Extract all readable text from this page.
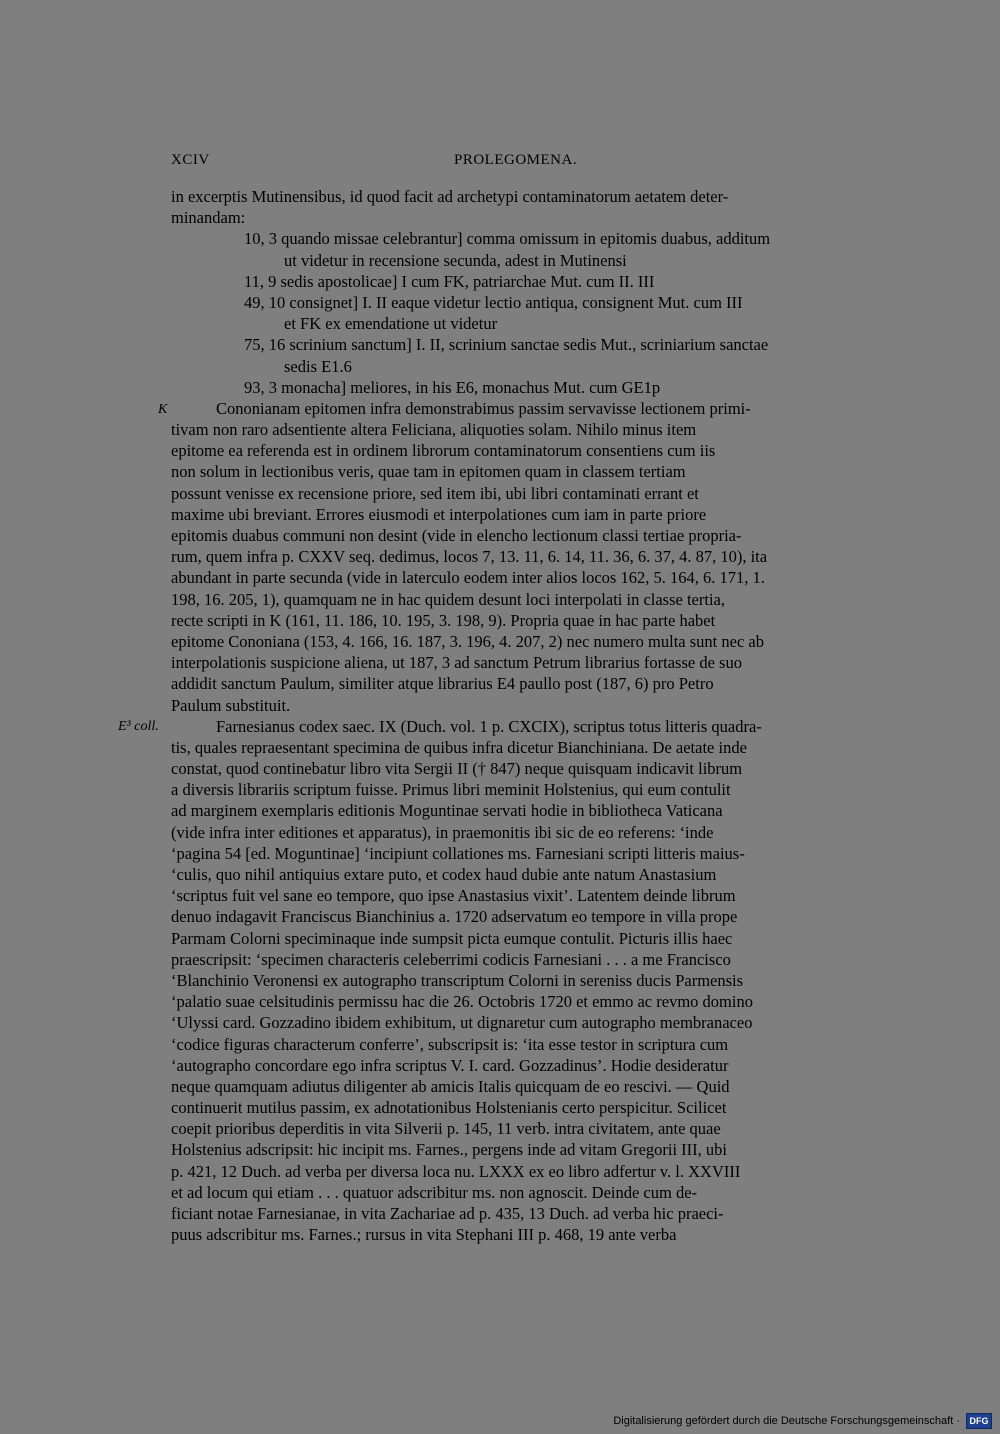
XCIV	PROLEGOMENA.
K
E³ coll.
in excerptis Mutinensibus, id quod facit ad archetypi contaminatorum aetatem deter-
minandam:
10, 3 quando missae celebrantur] comma omissum in epitomis duabus, additum
ut videtur in recensione secunda, adest in Mutinensi
11, 9 sedis apostolicae] I cum FK, patriarchae Mut. cum II. III
49, 10 consignet] I. II eaque videtur lectio antiqua, consignent Mut. cum III
et FK ex emendatione ut videtur
75, 16 scrinium sanctum] I. II, scrinium sanctae sedis Mut., scriniarium sanctae
sedis E1.6
93, 3 monacha] meliores, in his E6, monachus Mut. cum GE1p
Cononianam epitomen infra demonstrabimus passim servavisse lectionem primi-
tivam non raro adsentiente altera Feliciana, aliquoties solam. Nihilo minus item
epitome ea referenda est in ordinem librorum contaminatorum consentiens cum iis
non solum in lectionibus veris, quae tam in epitomen quam in classem tertiam
possunt venisse ex recensione priore, sed item ibi, ubi libri contaminati errant et
maxime ubi breviant. Errores eiusmodi et interpolationes cum iam in parte priore
epitomis duabus communi non desint (vide in elencho lectionum classi tertiae propria-
rum, quem infra p. CXXV seq. dedimus, locos 7, 13. 11, 6. 14, 11. 36, 6. 37, 4. 87, 10), ita
abundant in parte secunda (vide in laterculo eodem inter alios locos 162, 5. 164, 6. 171, 1.
198, 16. 205, 1), quamquam ne in hac quidem desunt loci interpolati in classe tertia,
recte scripti in K (161, 11. 186, 10. 195, 3. 198, 9). Propria quae in hac parte habet
epitome Cononiana (153, 4. 166, 16. 187, 3. 196, 4. 207, 2) nec numero multa sunt nec ab
interpolationis suspicione aliena, ut 187, 3 ad sanctum Petrum librarius fortasse de suo
addidit sanctum Paulum, similiter atque librarius E4 paullo post (187, 6) pro Petro
Paulum substituit.
Farnesianus codex saec. IX (Duch. vol. 1 p. CXCIX), scriptus totus litteris quadra-
tis, quales repraesentant specimina de quibus infra dicetur Bianchiniana. De aetate inde
constat, quod continebatur libro vita Sergii II († 847) neque quisquam indicavit librum
a diversis librariis scriptum fuisse. Primus libri meminit Holstenius, qui eum contulit
ad marginem exemplaris editionis Moguntinae servati hodie in bibliotheca Vaticana
(vide infra inter editiones et apparatus), in praemonitis ibi sic de eo referens: ‘inde
‘pagina 54 [ed. Moguntinae] ‘incipiunt collationes ms. Farnesiani scripti litteris maius-
‘culis, quo nihil antiquius extare puto, et codex haud dubie ante natum Anastasium
‘scriptus fuit vel sane eo tempore, quo ipse Anastasius vixit’. Latentem deinde librum
denuo indagavit Franciscus Bianchinius a. 1720 adservatum eo tempore in villa prope
Parmam Colorni speciminaque inde sumpsit picta eumque contulit. Picturis illis haec
praescripsit: ‘specimen characteris celeberrimi codicis Farnesiani . . . a me Francisco
‘Blanchinio Veronensi ex autographo transcriptum Colorni in sereniss ducis Parmensis
‘palatio suae celsitudinis permissu hac die 26. Octobris 1720 et emmo ac revmo domino
‘Ulyssi card. Gozzadino ibidem exhibitum, ut dignaretur cum autographo membranaceo
‘codice figuras characterum conferre’, subscripsit is: ‘ita esse testor in scriptura cum
‘autographo concordare ego infra scriptus V. I. card. Gozzadinus’. Hodie desideratur
neque quamquam adiutus diligenter ab amicis Italis quicquam de eo rescivi. — Quid
continuerit mutilus passim, ex adnotationibus Holstenianis certo perspicitur. Scilicet
coepit prioribus deperditis in vita Silverii p. 145, 11 verb. intra civitatem, ante quae
Holstenius adscripsit: hic incipit ms. Farnes., pergens inde ad vitam Gregorii III, ubi
p. 421, 12 Duch. ad verba per diversa loca nu. LXXX ex eo libro adfertur v. l. XXVIII
et ad locum qui etiam . . . quatuor adscribitur ms. non agnoscit. Deinde cum de-
ficiant notae Farnesianae, in vita Zachariae ad p. 435, 13 Duch. ad verba hic praeci-
puus adscribitur ms. Farnes.; rursus in vita Stephani III p. 468, 19 ante verba
Digitalisierung gefördert durch die Deutsche Forschungsgemeinschaft ·	DFG
